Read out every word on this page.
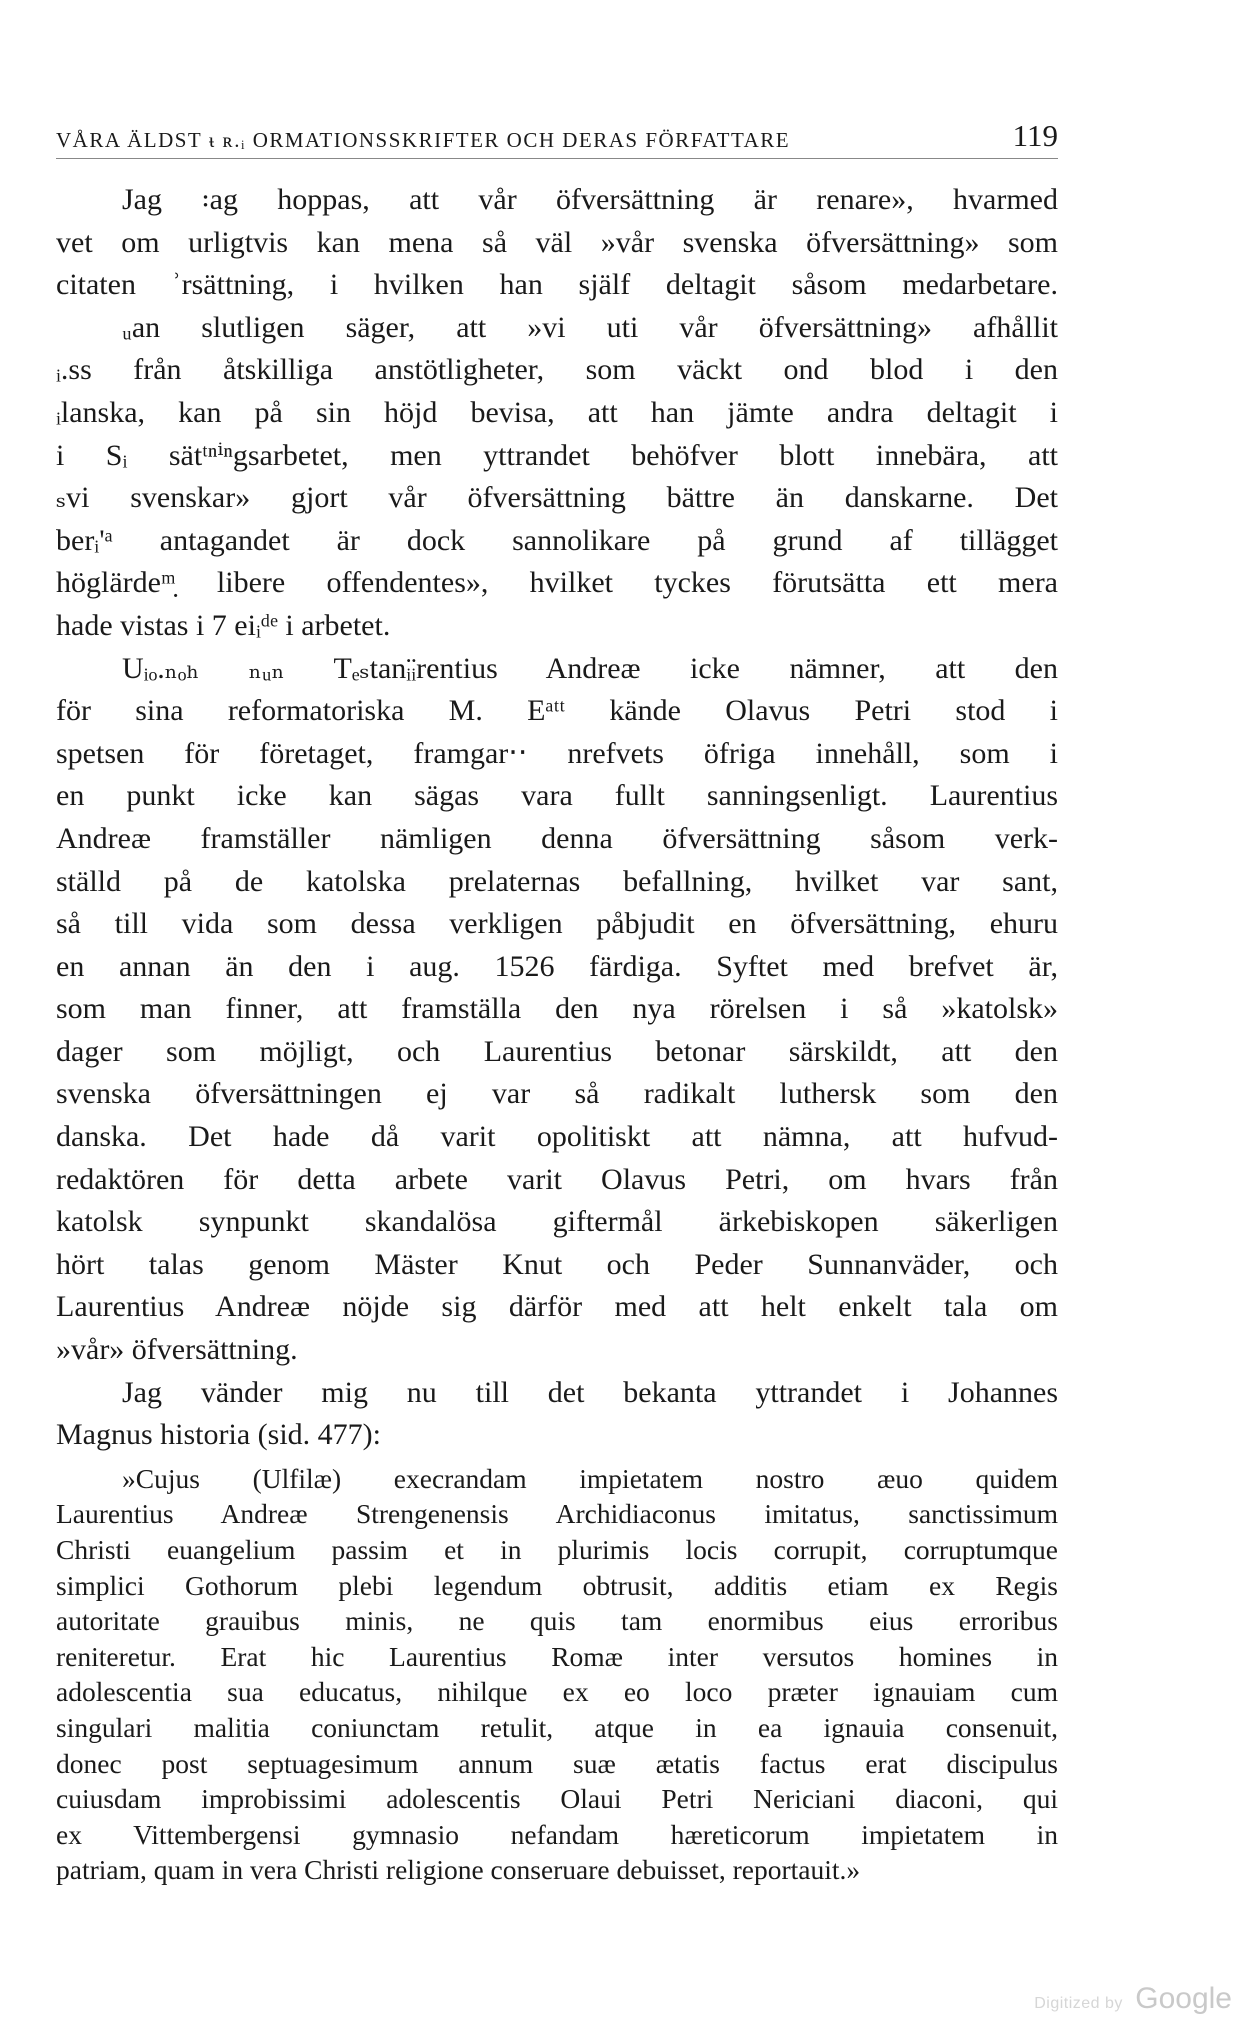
VÅRA ÄLDST ᵼ ʀ.ᵢ ORMATIONSSKRIFTER OCH DERAS FÖRFATTARE	119
Jag ꞉ag hoppas, att vår öfversättning är renare», hvarmed
vet om urligtvis kan mena så väl »vår svenska öfversättning» som
citaten ʾrsättning, i hvilken han själf deltagit såsom medarbetare.
ᵤan slutligen säger, att »vi uti vår öfversättning» afhållit
ᵢ.ss från åtskilliga anstötligheter, som väckt ond blod i den
ᵢlanska, kan på sin höjd bevisa, att han jämte andra deltagit i
i Sᵢ sätᵗⁿⁱⁿgsarbetet, men yttrandet behöfver blott innebära, att
ₛvi svenskar» gjort vår öfversättning bättre än danskarne. Det
berᵢ'ᵃ antagandet är dock sannolikare på grund af tillägget
höglärdeᵐ̣ libere offendentes», hvilket tyckes förutsätta ett mera
hade vistas i 7 eiᵢᵈᵉ i arbetet.
Uᵢₒ.ₙₒₕ ₙᵤₙ Tₑₛtanᵢ̈ᵢrentius Andreæ icke nämner, att den
för sina reformatoriska M. Eᵃᵗᵗ kände Olavus Petri stod i
spetsen för företaget, framgar‧‧ nrefvets öfriga innehåll, som i
en punkt icke kan sägas vara fullt sanningsenligt. Laurentius
Andreæ framställer nämligen denna öfversättning såsom verk-
ställd på de katolska prelaternas befallning, hvilket var sant,
så till vida som dessa verkligen påbjudit en öfversättning, ehuru
en annan än den i aug. 1526 färdiga. Syftet med brefvet är,
som man finner, att framställa den nya rörelsen i så »katolsk»
dager som möjligt, och Laurentius betonar särskildt, att den
svenska öfversättningen ej var så radikalt luthersk som den
danska. Det hade då varit opolitiskt att nämna, att hufvud-
redaktören för detta arbete varit Olavus Petri, om hvars från
katolsk synpunkt skandalösa giftermål ärkebiskopen säkerligen
hört talas genom Mäster Knut och Peder Sunnanväder, och
Laurentius Andreæ nöjde sig därför med att helt enkelt tala om
»vår» öfversättning.
Jag vänder mig nu till det bekanta yttrandet i Johannes
Magnus historia (sid. 477):
»Cujus (Ulfilæ) execrandam impietatem nostro æuo quidem
Laurentius Andreæ Strengenensis Archidiaconus imitatus, sanctissimum
Christi euangelium passim et in plurimis locis corrupit, corruptumque
simplici Gothorum plebi legendum obtrusit, additis etiam ex Regis
autoritate grauibus minis, ne quis tam enormibus eius erroribus
reniteretur. Erat hic Laurentius Romæ inter versutos homines in
adolescentia sua educatus, nihilque ex eo loco præter ignauiam cum
singulari malitia coniunctam retulit, atque in ea ignauia consenuit,
donec post septuagesimum annum suæ ætatis factus erat discipulus
cuiusdam improbissimi adolescentis Olaui Petri Nericiani diaconi, qui
ex Vittembergensi gymnasio nefandam hæreticorum impietatem in
patriam, quam in vera Christi religione conseruare debuisset, reportauit.»
Digitized by Google
